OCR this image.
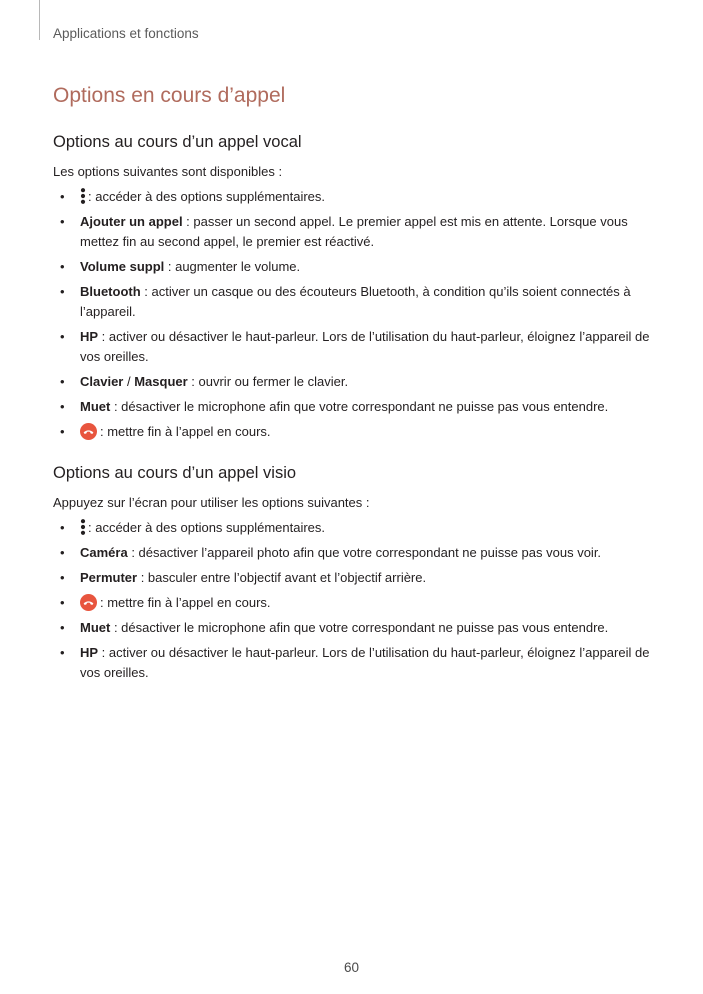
Applications et fonctions
Options en cours d’appel
Options au cours d’un appel vocal

Les options suivantes sont disponibles :

• : accéder à des options supplémentaires.
• Ajouter un appel : passer un second appel. Le premier appel est mis en attente. Lorsque vous mettez fin au second appel, le premier est réactivé.
• Volume suppl : augmenter le volume.
• Bluetooth : activer un casque ou des écouteurs Bluetooth, à condition qu’ils soient connectés à l’appareil.
• HP : activer ou désactiver le haut-parleur. Lors de l’utilisation du haut-parleur, éloignez l’appareil de vos oreilles.
• Clavier / Masquer : ouvrir ou fermer le clavier.
• Muet : désactiver le microphone afin que votre correspondant ne puisse pas vous entendre.
•	: mettre fin à l’appel en cours.
Options au cours d’un appel visio

Appuyez sur l’écran pour utiliser les options suivantes :

• : accéder à des options supplémentaires.
• Caméra : désactiver l’appareil photo afin que votre correspondant ne puisse pas vous voir.
• Permuter : basculer entre l’objectif avant et l’objectif arrière.
•	: mettre fin à l’appel en cours.
• Muet : désactiver le microphone afin que votre correspondant ne puisse pas vous entendre.
• HP : activer ou désactiver le haut-parleur. Lors de l’utilisation du haut-parleur, éloignez l’appareil de vos oreilles.
60
